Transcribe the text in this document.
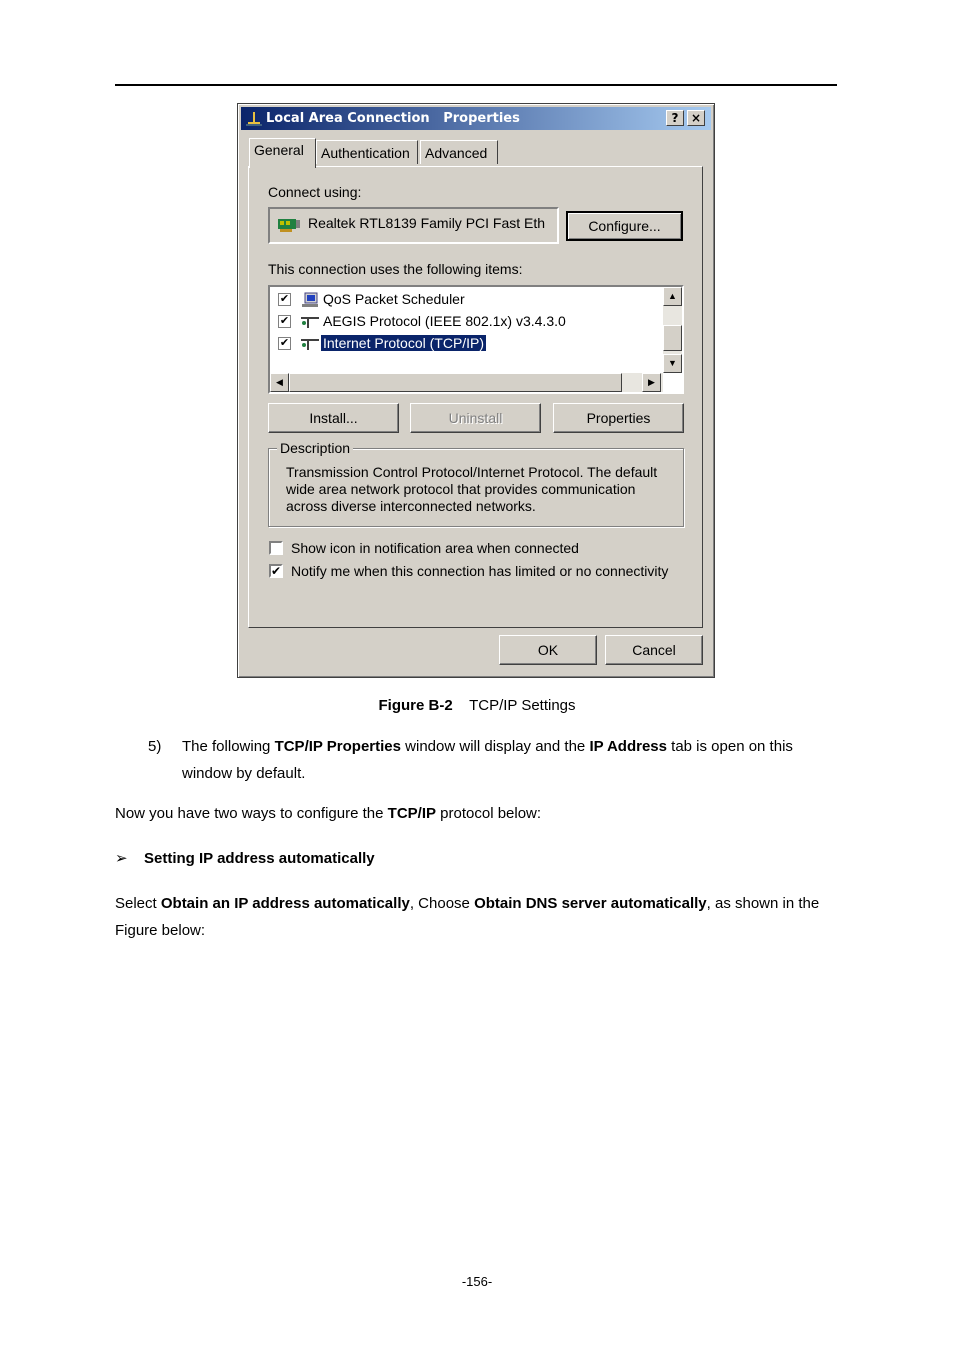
Local Area Connection   Properties	?	×
General	Authentication	Advanced
Connect using:
Realtek RTL8139 Family PCI Fast Eth	Configure...
This connection uses the following items:
✔ QoS Packet Scheduler
✔ AEGIS Protocol (IEEE 802.1x) v3.4.3.0
✔ Internet Protocol (TCP/IP)
▲
▼
◀	▶
Install...	Uninstall	Properties
Description
Transmission Control Protocol/Internet Protocol. The default wide area network protocol that provides communication across diverse interconnected networks.
Show icon in notification area when connected
✔ Notify me when this connection has limited or no connectivity
OK	Cancel
Figure B-2 TCP/IP Settings
5) The following TCP/IP Properties window will display and the IP Address tab is open on this window by default.
Now you have two ways to configure the TCP/IP protocol below:
➢ Setting IP address automatically
Select Obtain an IP address automatically, Choose Obtain DNS server automatically, as shown in the Figure below:
-156-
